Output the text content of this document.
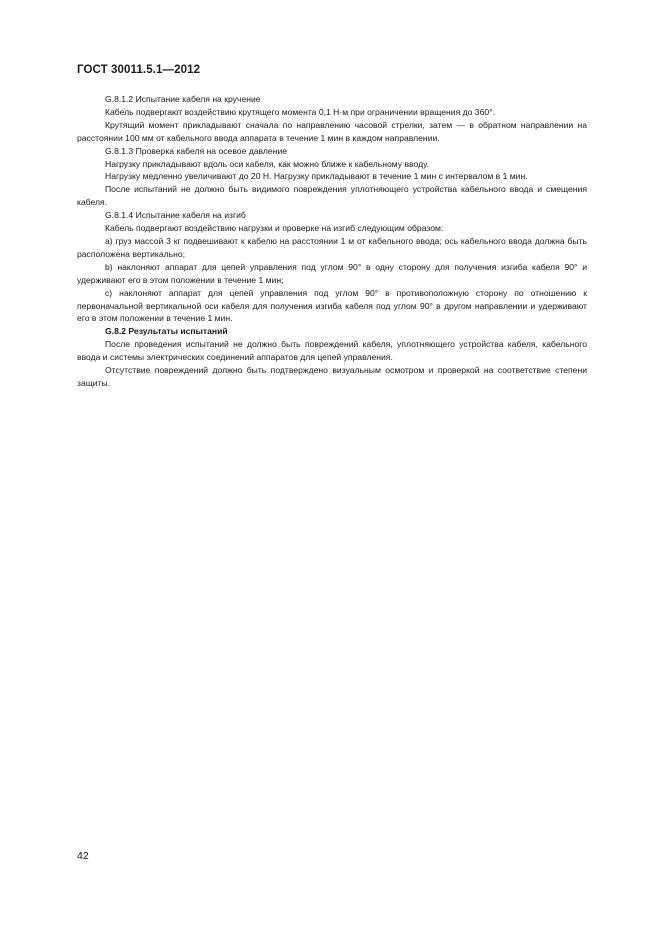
ГОСТ 30011.5.1—2012

G.8.1.2 Испытание кабеля на кручение

Кабель подвергают воздействию крутящего момента 0,1 Н·м при ограничении вращения до 360°.

Крутящий момент прикладывают сначала по направлению часовой стрелки, затем — в обратном направлении на расстоянии 100 мм от кабельного ввода аппарата в течение 1 мин в каждом направлении.

G.8.1.3 Проверка кабеля на осевое давление

Нагрузку прикладывают вдоль оси кабеля, как можно ближе к кабельному вводу.

Нагрузку медленно увеличивают до 20 Н. Нагрузку прикладывают в течение 1 мин с интервалом в 1 мин.

После испытаний не должно быть видимого повреждения уплотняющего устройства кабельного ввода и смещения кабеля.

G.8.1.4 Испытание кабеля на изгиб

Кабель подвергают воздействию нагрузки и проверке на изгиб следующим образом:

a) груз массой 3 кг подвешивают к кабелю на расстоянии 1 м от кабельного ввода; ось кабельного ввода должна быть расположена вертикально;

b) наклоняют аппарат для цепей управления под углом 90° в одну сторону для получения изгиба кабеля 90° и удерживают его в этом положении в течение 1 мин;

c) наклоняют аппарат для цепей управления под углом 90° в противоположную сторону по отношению к первоначальной вертикальной оси кабеля для получения изгиба кабеля под углом 90° в другом направлении и удерживают его в этом положении в течение 1 мин.

G.8.2 Результаты испытаний

После проведения испытаний не должно быть повреждений кабеля, уплотняющего устройства кабеля, кабельного ввода и системы электрических соединений аппаратов для цепей управления.

Отсутствие повреждений должно быть подтверждено визуальным осмотром и проверкой на соответствие степени защиты.

42
